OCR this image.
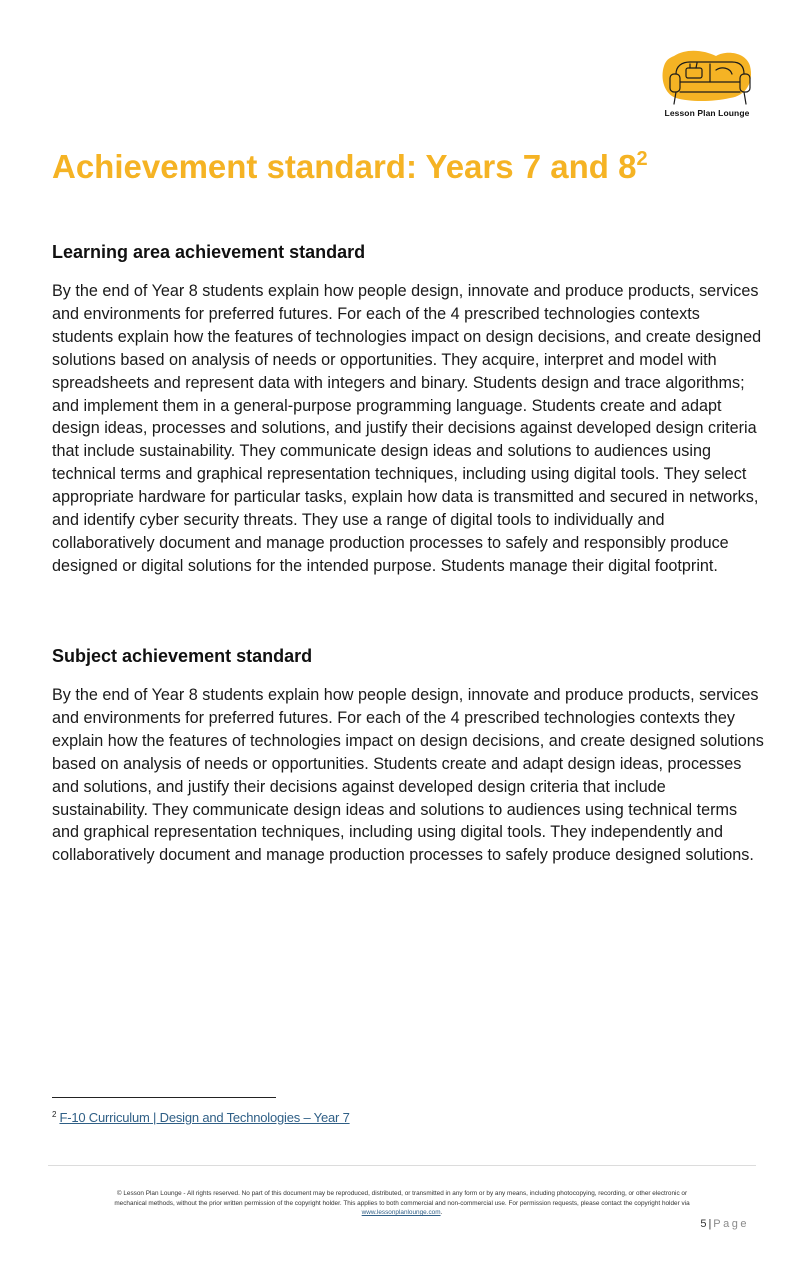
Lesson Plan Lounge
Achievement standard: Years 7 and $8^2$
Learning area achievement standard

By the end of Year 8 students explain how people design, innovate and produce products, services and environments for preferred futures. For each of the 4 prescribed technologies contexts students explain how the features of technologies impact on design decisions, and create designed solutions based on analysis of needs or opportunities. They acquire, interpret and model with spreadsheets and represent data with integers and binary. Students design and trace algorithms; and implement them in a general-purpose programming language. Students create and adapt design ideas, processes and solutions, and justify their decisions against developed design criteria that include sustainability. They communicate design ideas and solutions to audiences using technical terms and graphical representation techniques, including using digital tools. They select appropriate hardware for particular tasks, explain how data is transmitted and secured in networks, and identify cyber security threats. They use a range of digital tools to individually and collaboratively document and manage production processes to safely and responsibly produce designed or digital solutions for the intended purpose. Students manage their digital footprint.

Subject achievement standard

By the end of Year 8 students explain how people design, innovate and produce products, services and environments for preferred futures. For each of the 4 prescribed technologies contexts they explain how the features of technologies impact on design decisions, and create designed solutions based on analysis of needs or opportunities. Students create and adapt design ideas, processes and solutions, and justify their decisions against developed design criteria that include sustainability. They communicate design ideas and solutions to audiences using technical terms and graphical representation techniques, including using digital tools. They independently and collaboratively document and manage production processes to safely produce designed solutions.

$^2$ F-10 Curriculum | Design and Technologies – Year 7

© Lesson Plan Lounge - All rights reserved. No part of this document may be reproduced, distributed, or transmitted in any form or by any means, including photocopying, recording, or other electronic or
mechanical methods, without the prior written permission of the copyright holder. This applies to both commercial and non-commercial use. For permission requests, please contact the copyright holder via
www.lessonplanlounge.com.

5 | Page
